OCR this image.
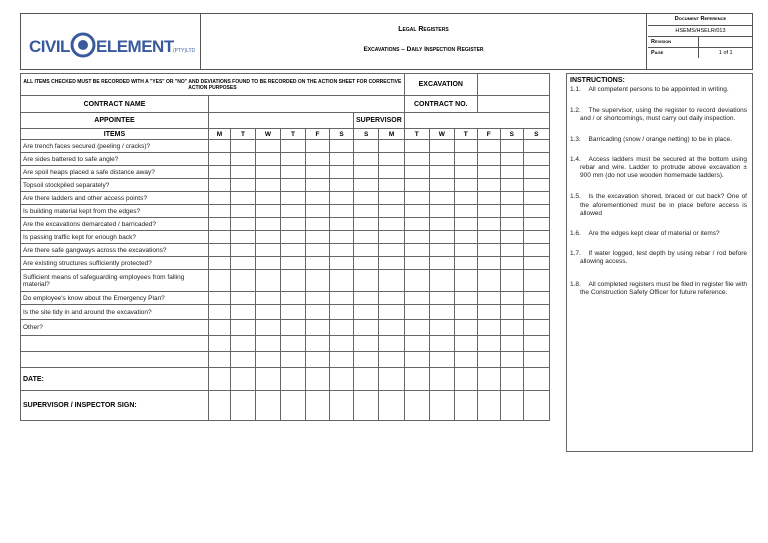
CIVIL ELEMENT (PTY)LTD
Legal Registers
Excavations – Daily Inspection Register
Document Reference	
HSEMS/HSELR/013	
Revision	
Page	1 of 1
ALL ITEMS CHECKED MUST BE RECORDED WITH A "YES" OR "NO" AND DEVIATIONS FOUND TO BE RECORDED ON THE ACTION SHEET FOR CORRECTIVE ACTION PURPOSES									EXCAVATION					
CONTRACT NAME									CONTRACT NO.					
APPOINTEE							SUPERVISOR							
ITEMS	M	T	W	T	F	S	S	M	T	W	T	F	S	S
Are trench faces secured (peeling / cracks)?														
Are sides battered to safe angle?														
Are spoil heaps placed a safe distance away?														
Topsoil stockpiled separately?														
Are there ladders and other access points?														
Is building material kept from the edges?														
Are the excavations demarcated / barricaded?														
Is passing traffic kept for enough back?														
Are there safe gangways across the excavations?														
Are existing structures sufficiently protected?														
Sufficient means of safeguarding employees from falling material?														
Do employee's know about the Emergency Plan?														
Is the site tidy in and around the excavation?														
Other?														

DATE:														
SUPERVISOR / INSPECTOR SIGN:														
INSTRUCTIONS:
1.1.  All competent persons to be appointed in writing.
1.2.  The supervisor, using the register to record deviations and / or shortcomings, must carry out daily inspection.
1.3.  Barricading (snow / orange netting) to be in place.
1.4.  Access ladders must be secured at the bottom using rebar and wire. Ladder to protrude above excavation ± 900 mm (do not use wooden homemade ladders).
1.5.  Is the excavation shored, braced or cut back? One of the aforementioned must be in place before access is allowed
1.6.  Are the edges kept clear of material or items?
1.7.  If water logged, test depth by using rebar / rod before allowing access.
1.8.  All completed registers must be filed in register file with the Construction Safety Officer for future reference.
